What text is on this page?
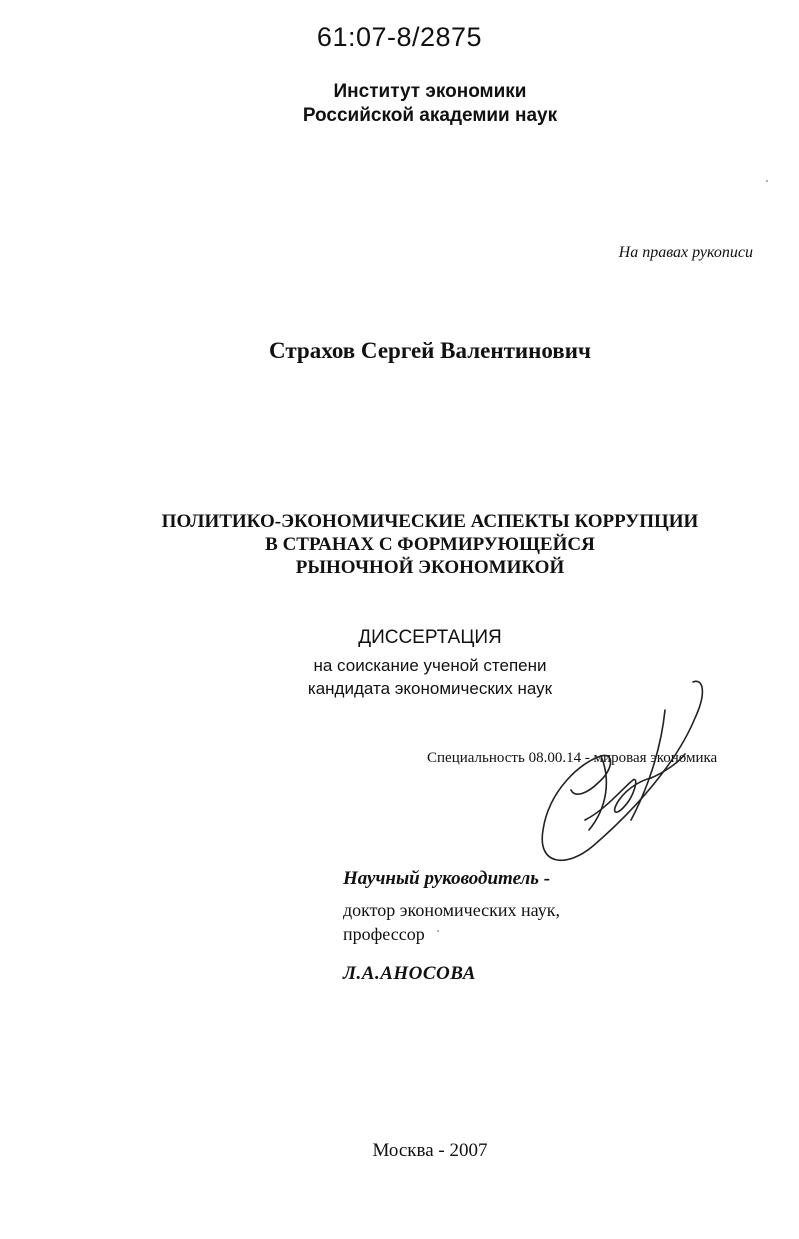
61:07-8/2875
Институт экономики
Российской академии наук
На правах рукописи
Страхов Сергей Валентинович
ПОЛИТИКО-ЭКОНОМИЧЕСКИЕ АСПЕКТЫ КОРРУПЦИИ
В СТРАНАХ С ФОРМИРУЮЩЕЙСЯ
РЫНОЧНОЙ ЭКОНОМИКОЙ
ДИССЕРТАЦИЯ
на соискание ученой степени
кандидата экономических наук
Специальность 08.00.14 - мировая экономика
Научный руководитель -
доктор экономических наук,
профессор
Л.А.АНОСОВА
Москва - 2007
